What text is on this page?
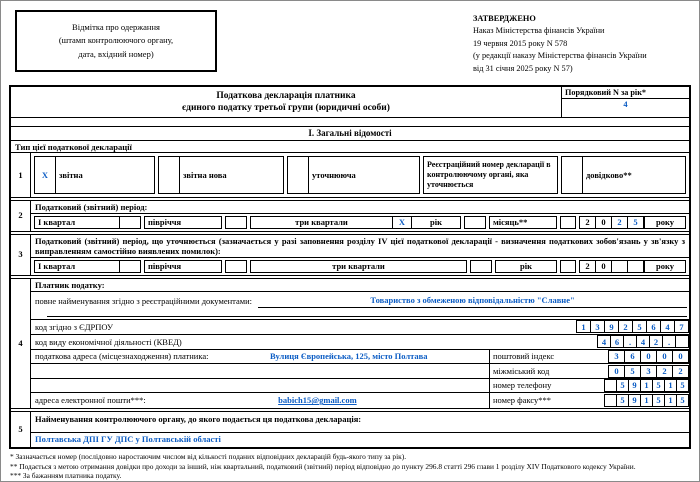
Відмітка про одержання
(штамп контролюючого органу,
дата, вхідний номер)
ЗАТВЕРДЖЕНО
Наказ Міністерства фінансів України
19 червня 2015 року N 578
(у редакції наказу Міністерства фінансів України
від 31 січня 2025 року N 57)
Податкова декларація платника
єдиного податку третьої групи (юридичні особи)
Порядковий N за рік*
4
І. Загальні відомості
Тип цієї податкової декларації
1	X	звітна	звітна нова	уточнююча
Реєстраційний номер декларації в контролюючому органі, яка уточнюється
довідково**
2
Податковий (звітний) період:
І квартал	півріччя	три квартали	X	рік	місяць**	2	0	2	5	року
3
Податковий (звітний) період, що уточнюється (зазначається у разі заповнення розділу IV цієї податкової декларації - визначення податкових зобов'язань у зв'язку з виправленням самостійно виявлених помилок):
І квартал	півріччя	три квартали	рік	2	0	року
4
Платник податку:
повне найменування згідно з реєстраційними документами:	Товариство з обмеженою відповідальністю "Славне"
код згідно з ЄДРПОУ	1	3	9	2	5	6	4	7
код виду економічної діяльності (КВЕД)	4	6	.	4	2	.
податкова адреса (місцезнаходження) платника:	Вулиця Європейська, 125, місто Полтава	поштовий індекс	3	6	0	0	0
міжміський код	0	5	3	2	2
номер телефону	5 9 1 5 1 5
адреса електронної пошти***:	babich15@gmail.com	номер факсу***	5 9 1 5 1 5
5
Найменування контролюючого органу, до якого подається ця податкова декларація:
Полтавська ДПІ ГУ ДПС у Полтавській області
* Зазначається номер (послідовно наростаючим числом від кількості поданих відповідних декларацій будь-якого типу за рік).
** Подається з метою отримання довідки про доходи за інший, ніж квартальний, податковий (звітний) період відповідно до пункту 296.8 статті 296 глави 1 розділу XIV Податкового кодексу України.
*** За бажанням платника податку.
